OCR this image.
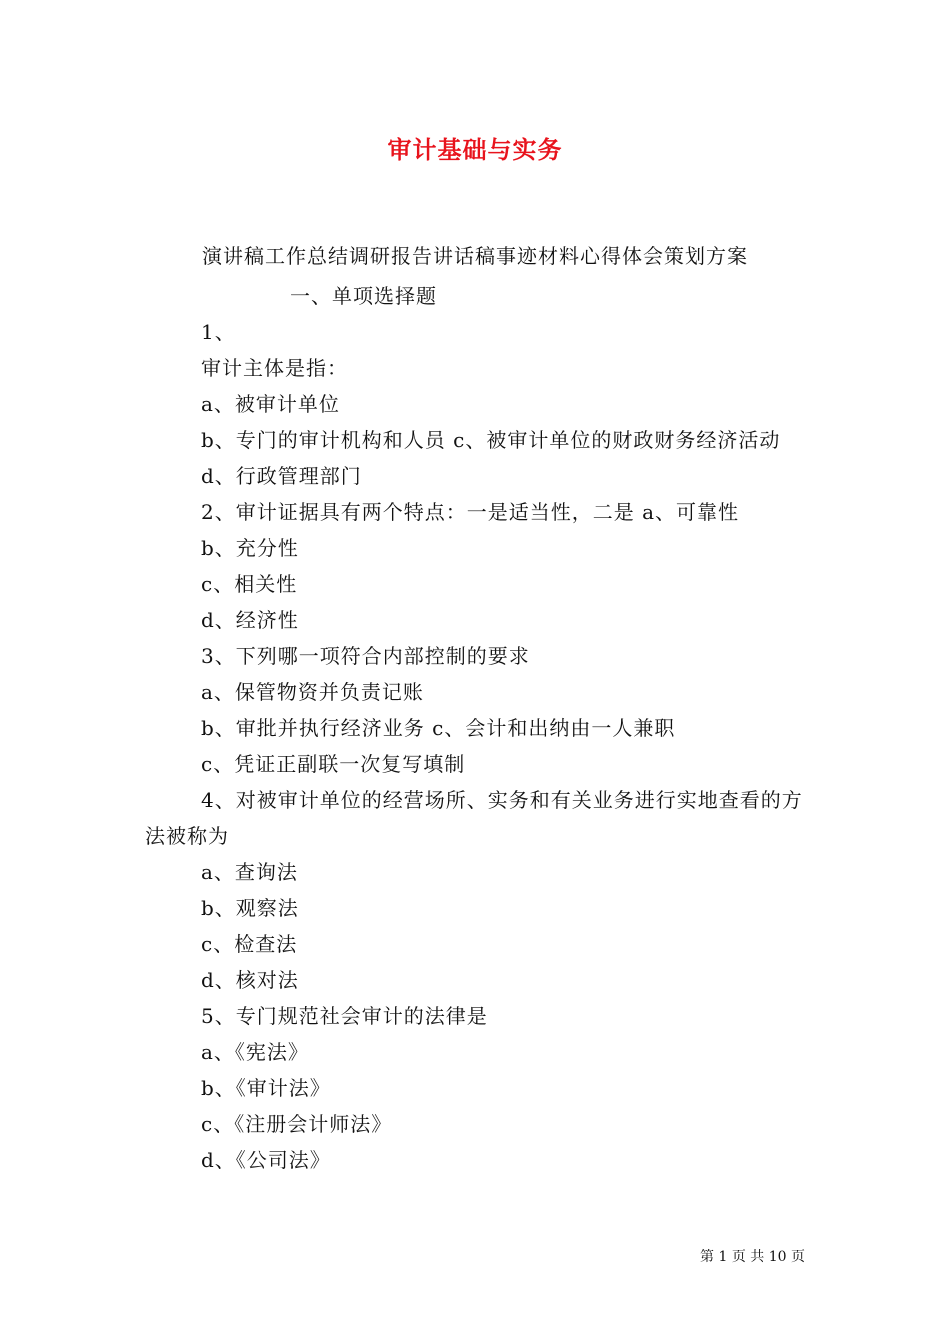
审计基础与实务
演讲稿工作总结调研报告讲话稿事迹材料心得体会策划方案
一、单项选择题
1、
审计主体是指：
a、被审计单位
b、专门的审计机构和人员 c、被审计单位的财政财务经济活动
d、行政管理部门
2、审计证据具有两个特点：一是适当性，二是 a、可靠性
b、充分性
c、相关性
d、经济性
3、下列哪一项符合内部控制的要求
a、保管物资并负责记账
b、审批并执行经济业务 c、会计和出纳由一人兼职
c、凭证正副联一次复写填制
4、对被审计单位的经营场所、实务和有关业务进行实地查看的方法被称为
a、查询法
b、观察法
c、检查法
d、核对法
5、专门规范社会审计的法律是
a、《宪法》
b、《审计法》
c、《注册会计师法》
d、《公司法》
第 1 页 共 10 页
